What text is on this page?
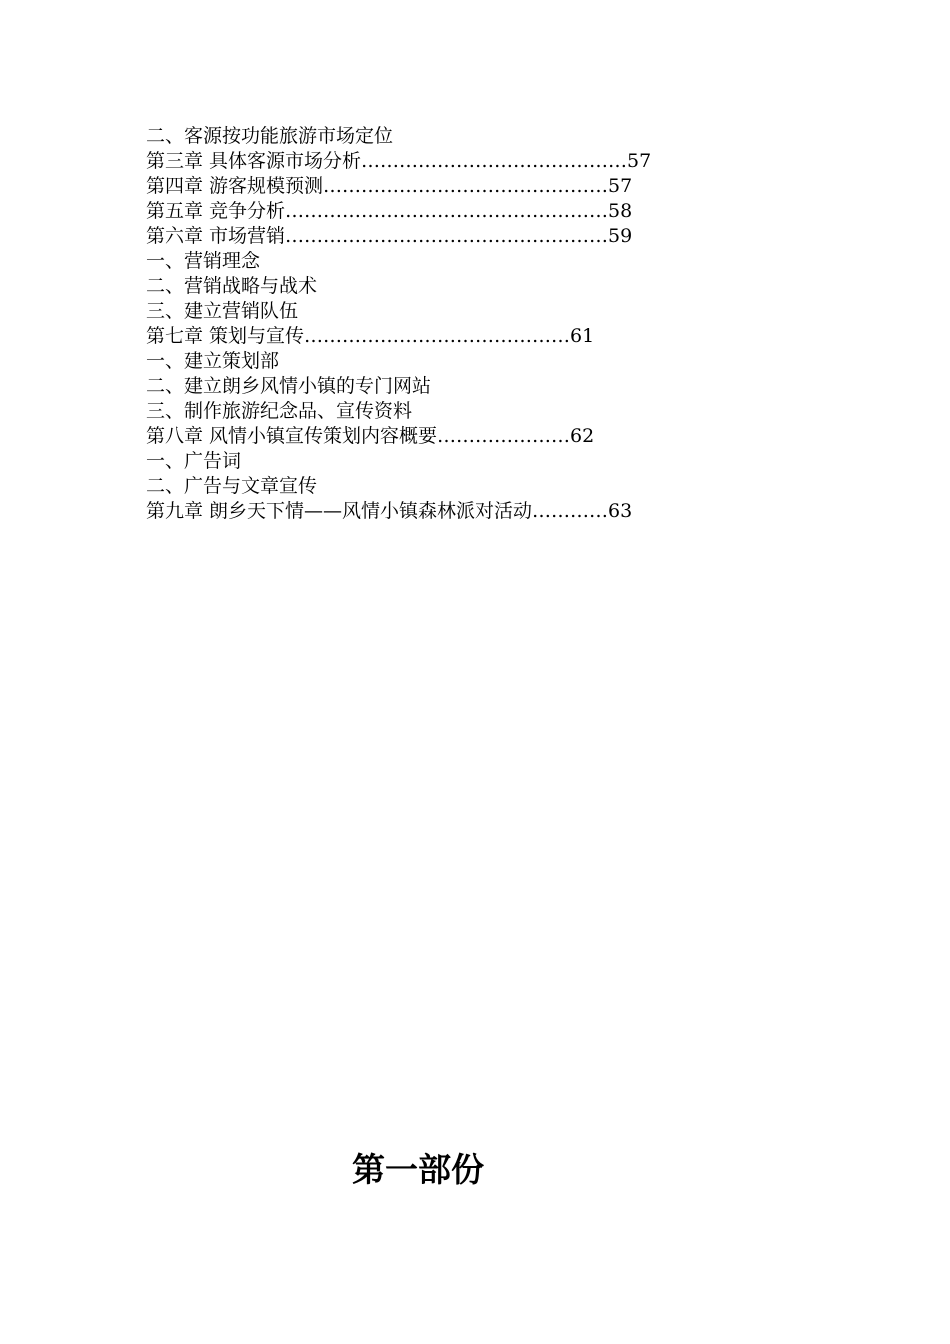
二、客源按功能旅游市场定位
第三章 具体客源市场分析……………………………………57
第四章 游客规模预测………………………………………57
第五章 竞争分析……………………………………………58
第六章 市场营销……………………………………………59
一、营销理念
二、营销战略与战术
三、建立营销队伍
第七章 策划与宣传……………………………………61
一、建立策划部
二、建立朗乡风情小镇的专门网站
三、制作旅游纪念品、宣传资料
第八章 风情小镇宣传策划内容概要…………………62
一、广告词
二、广告与文章宣传
第九章 朗乡天下情——风情小镇森林派对活动…………63
第一部份
